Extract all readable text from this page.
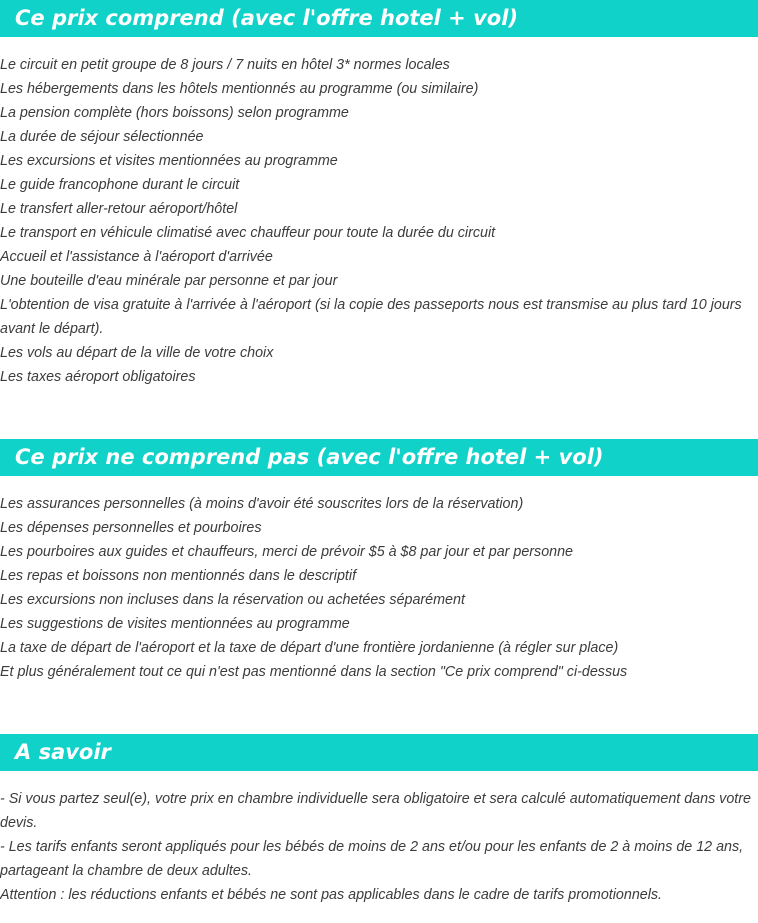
Ce prix comprend (avec l'offre hotel + vol)
Le circuit en petit groupe de 8 jours / 7 nuits en hôtel 3* normes locales
Les hébergements dans les hôtels mentionnés au programme (ou similaire)
La pension complète (hors boissons) selon programme
La durée de séjour sélectionnée
Les excursions et visites mentionnées au programme
Le guide francophone durant le circuit
Le transfert aller-retour aéroport/hôtel
Le transport en véhicule climatisé avec chauffeur pour toute la durée du circuit
Accueil et l'assistance à l'aéroport d'arrivée
Une bouteille d'eau minérale par personne et par jour
L'obtention de visa gratuite à l'arrivée à l'aéroport (si la copie des passeports nous est transmise au plus tard 10 jours avant le départ).
Les vols au départ de la ville de votre choix
Les taxes aéroport obligatoires
Ce prix ne comprend pas (avec l'offre hotel + vol)
Les assurances personnelles (à moins d'avoir été souscrites lors de la réservation)
Les dépenses personnelles et pourboires
Les pourboires aux guides et chauffeurs, merci de prévoir $5 à $8 par jour et par personne
Les repas et boissons non mentionnés dans le descriptif
Les excursions non incluses dans la réservation ou achetées séparément
Les suggestions de visites mentionnées au programme
La taxe de départ de l'aéroport et la taxe de départ d'une frontière jordanienne (à régler sur place)
Et plus généralement tout ce qui n'est pas mentionné dans la section "Ce prix comprend" ci-dessus
A savoir
- Si vous partez seul(e), votre prix en chambre individuelle sera obligatoire et sera calculé automatiquement dans votre devis.
- Les tarifs enfants seront appliqués pour les bébés de moins de 2 ans et/ou pour les enfants de 2 à moins de 12 ans, partageant la chambre de deux adultes.
Attention : les réductions enfants et bébés ne sont pas applicables dans le cadre de tarifs promotionnels.
